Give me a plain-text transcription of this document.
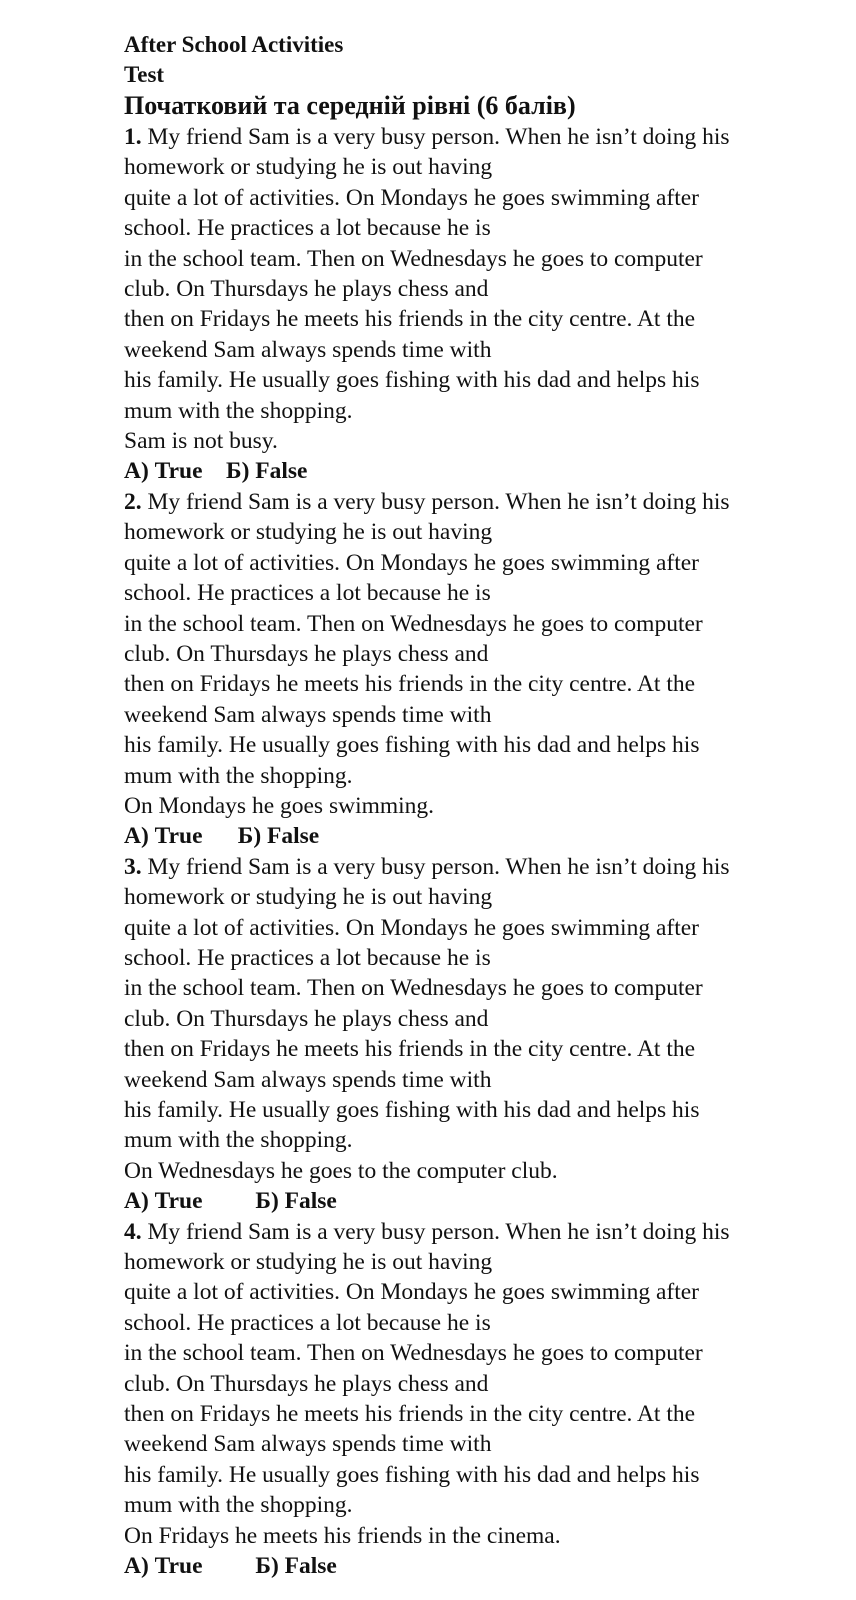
After School Activities
Test
Початковий та середній рівні (6 балів)
1. My friend Sam is a very busy person. When he isn’t doing his
homework or studying he is out having
quite a lot of activities. On Mondays he goes swimming after
school. He practices a lot because he is
in the school team. Then on Wednesdays he goes to computer
club. On Thursdays he plays chess and
then on Fridays he meets his friends in the city centre. At the
weekend Sam always spends time with
his family. He usually goes fishing with his dad and helps his
mum with the shopping.
Sam is not busy.
А) True    Б) False
2. My friend Sam is a very busy person. When he isn’t doing his
homework or studying he is out having
quite a lot of activities. On Mondays he goes swimming after
school. He practices a lot because he is
in the school team. Then on Wednesdays he goes to computer
club. On Thursdays he plays chess and
then on Fridays he meets his friends in the city centre. At the
weekend Sam always spends time with
his family. He usually goes fishing with his dad and helps his
mum with the shopping.
On Mondays he goes swimming.
А) True      Б) False
3. My friend Sam is a very busy person. When he isn’t doing his
homework or studying he is out having
quite a lot of activities. On Mondays he goes swimming after
school. He practices a lot because he is
in the school team. Then on Wednesdays he goes to computer
club. On Thursdays he plays chess and
then on Fridays he meets his friends in the city centre. At the
weekend Sam always spends time with
his family. He usually goes fishing with his dad and helps his
mum with the shopping.
On Wednesdays he goes to the computer club.
А) True         Б) False
4. My friend Sam is a very busy person. When he isn’t doing his
homework or studying he is out having
quite a lot of activities. On Mondays he goes swimming after
school. He practices a lot because he is
in the school team. Then on Wednesdays he goes to computer
club. On Thursdays he plays chess and
then on Fridays he meets his friends in the city centre. At the
weekend Sam always spends time with
his family. He usually goes fishing with his dad and helps his
mum with the shopping.
On Fridays he meets his friends in the cinema.
А) True         Б) False
